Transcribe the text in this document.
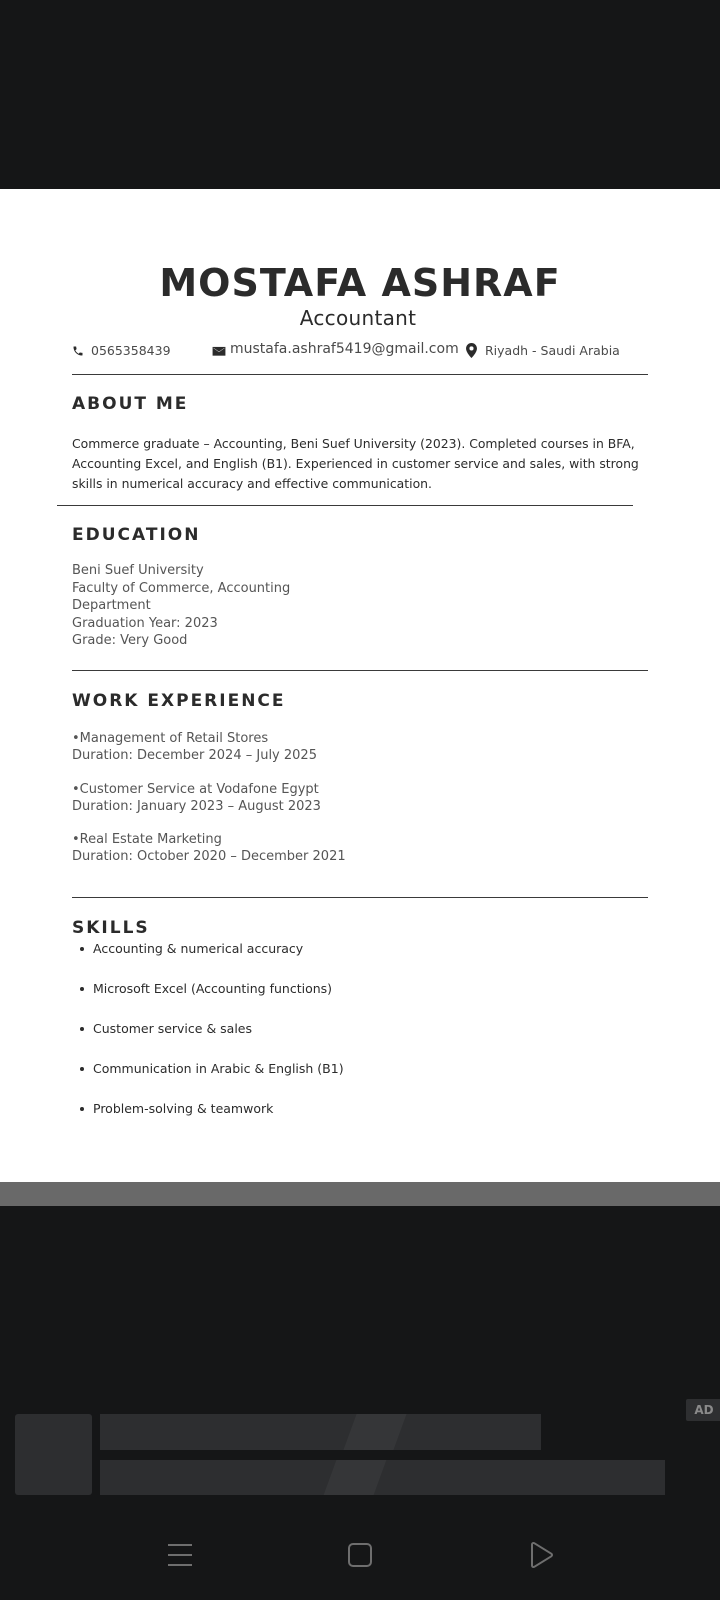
MOSTAFA ASHRAF
Accountant
0565358439	mustafa.ashraf5419@gmail.com Riyadh - Saudi Arabia
ABOUT ME
Commerce graduate – Accounting, Beni Suef University (2023). Completed courses in BFA, Accounting Excel, and English (B1). Experienced in customer service and sales, with strong skills in numerical accuracy and effective communication.
EDUCATION
Beni Suef University
Faculty of Commerce, Accounting
Department
Graduation Year: 2023
Grade: Very Good
WORK EXPERIENCE
•Management of Retail Stores
Duration: December 2024 – July 2025
•Customer Service at Vodafone Egypt
Duration: January 2023 – August 2023
•Real Estate Marketing
Duration: October 2020 – December 2021
SKILLS
Accounting & numerical accuracy
Microsoft Excel (Accounting functions)
Customer service & sales
Communication in Arabic & English (B1)
Problem-solving & teamwork
AD
